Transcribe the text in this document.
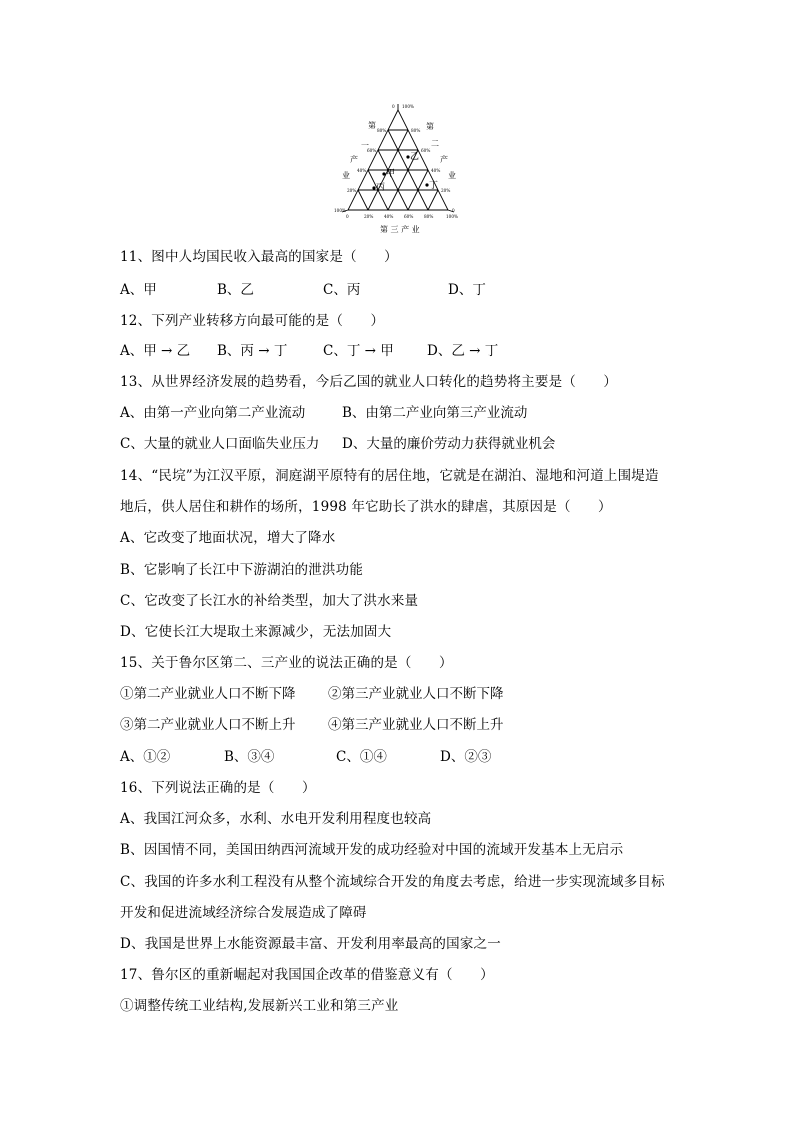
乙
甲
丙	丁
第
一
产
业
第
二
产
业
第 三 产 业
0
80%
60%
40%
20%
100%
100%
80%
60%
40%
20%
0
0	20%	40%	60%	80%	100%
11、图中人均国民收入最高的国家是（　　）
A、甲	B、乙	C、丙	D、丁
12、下列产业转移方向最可能的是（　　）
A、甲 → 乙 B、丙 → 丁	C、丁 → 甲 D、乙 → 丁
13、从世界经济发展的趋势看，今后乙国的就业人口转化的趋势将主要是（　　）
A、由第一产业向第二产业流动	B、由第二产业向第三产业流动
C、大量的就业人口面临失业压力 D、大量的廉价劳动力获得就业机会
14、“民垸”为江汉平原，洞庭湖平原特有的居住地，它就是在湖泊、湿地和河道上围堤造
地后，供人居住和耕作的场所，1998 年它助长了洪水的肆虐，其原因是（　　）
A、它改变了地面状况，增大了降水
B、它影响了长江中下游湖泊的泄洪功能
C、它改变了长江水的补给类型，加大了洪水来量
D、它使长江大堤取土来源减少，无法加固大
15、关于鲁尔区第二、三产业的说法正确的是（　　）
①第二产业就业人口不断下降 ②第三产业就业人口不断下降
③第二产业就业人口不断上升 ④第三产业就业人口不断上升
A、①②	B、③④	C、①④	D、②③
16、下列说法正确的是（　　）
A、我国江河众多，水利、水电开发利用程度也较高
B、因国情不同，美国田纳西河流域开发的成功经验对中国的流域开发基本上无启示
C、我国的许多水利工程没有从整个流域综合开发的角度去考虑，给进一步实现流域多目标
开发和促进流域经济综合发展造成了障碍
D、我国是世界上水能资源最丰富、开发利用率最高的国家之一
17、鲁尔区的重新崛起对我国国企改革的借鉴意义有（　　）
①调整传统工业结构,发展新兴工业和第三产业
